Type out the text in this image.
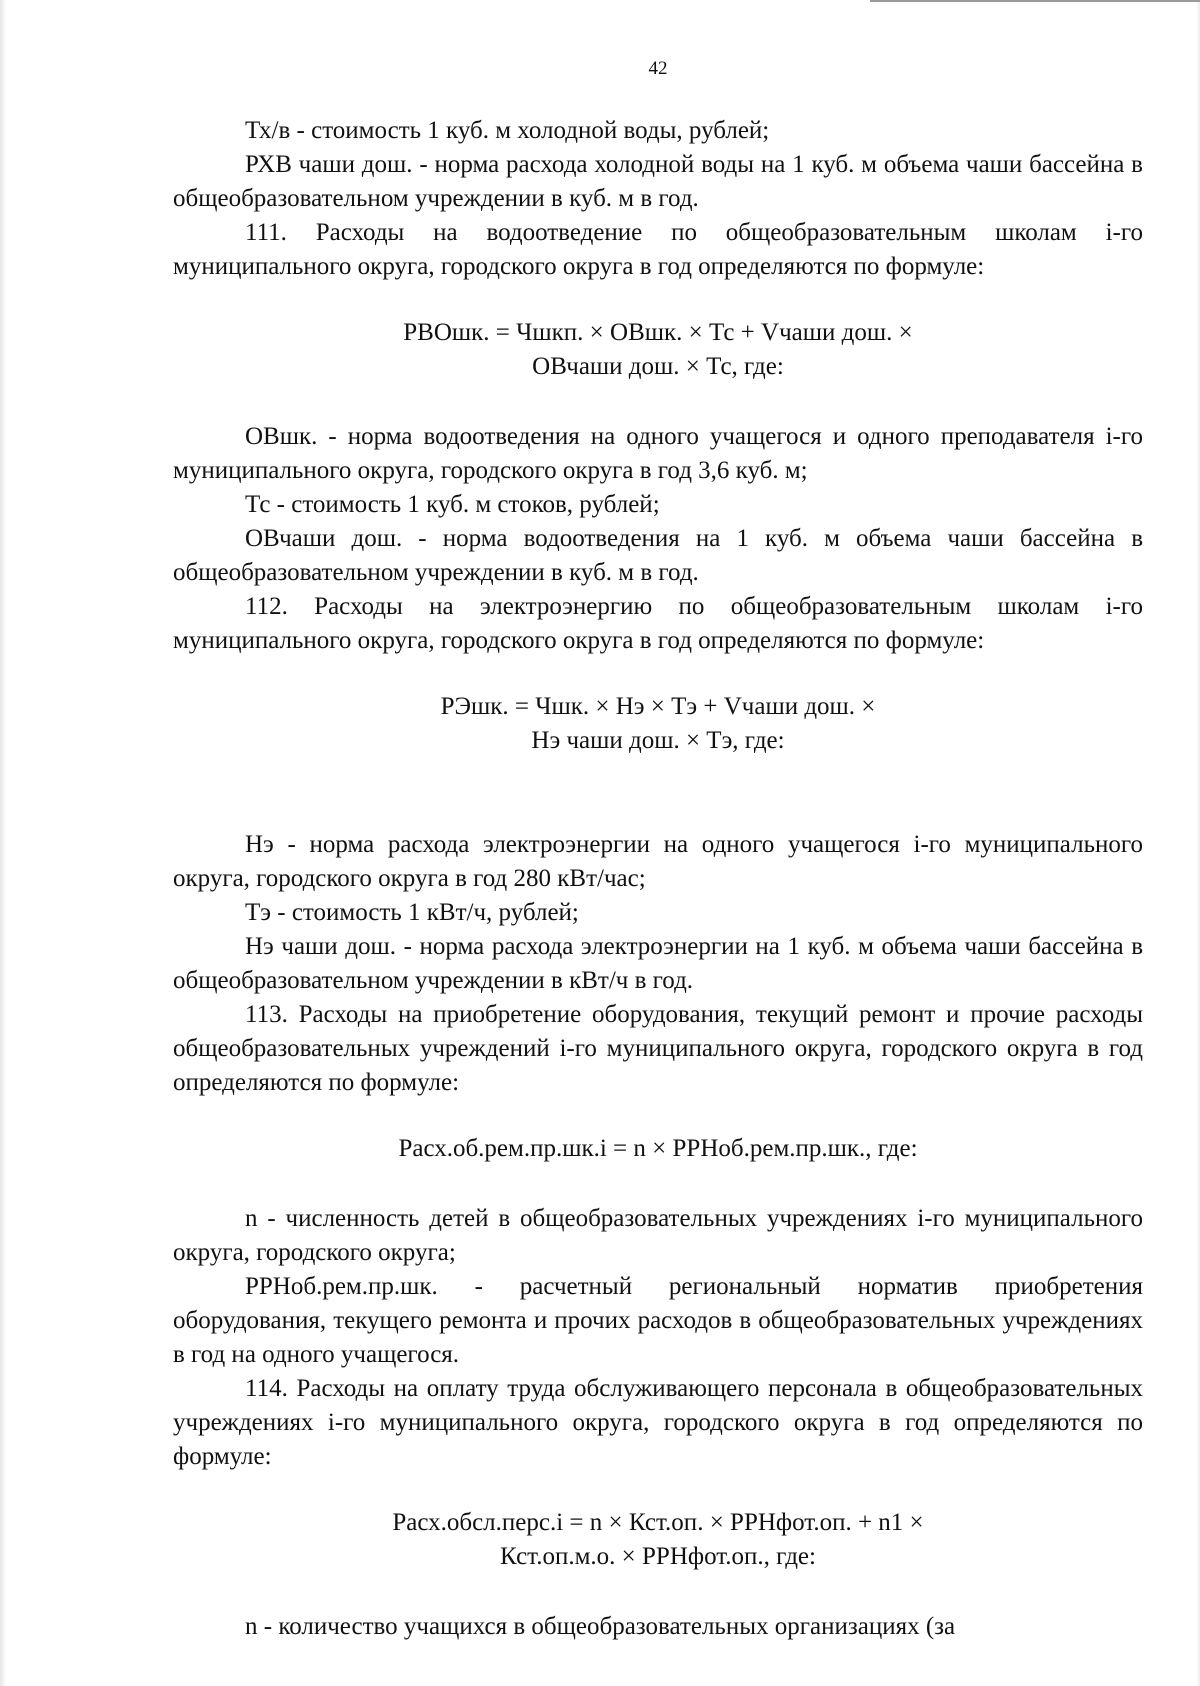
42

Тх/в - стоимость 1 куб. м холодной воды, рублей;

РХВ чаши дош. - норма расхода холодной воды на 1 куб. м объема чаши бассейна в общеобразовательном учреждении в куб. м в год.

111. Расходы на водоотведение по общеобразовательным школам i-го муниципального округа, городского округа в год определяются по формуле:

РВОшк. = Чшкп. × ОВшк. × Тс + Vчаши дош. ×

ОВчаши дош. × Тс, где:

ОВшк. - норма водоотведения на одного учащегося и одного преподавателя i-го муниципального округа, городского округа в год 3,6 куб. м;

Тс - стоимость 1 куб. м стоков, рублей;

ОВчаши дош. - норма водоотведения на 1 куб. м объема чаши бассейна в общеобразовательном учреждении в куб. м в год.

112. Расходы на электроэнергию по общеобразовательным школам i-го муниципального округа, городского округа в год определяются по формуле:

РЭшк. = Чшк. × Нэ × Тэ + Vчаши дош. ×

Нэ чаши дош. × Тэ, где:

Нэ - норма расхода электроэнергии на одного учащегося i-го муниципального округа, городского округа в год 280 кВт/час;

Тэ - стоимость 1 кВт/ч, рублей;

Нэ чаши дош. - норма расхода электроэнергии на 1 куб. м объема чаши бассейна в общеобразовательном учреждении в кВт/ч в год.

113. Расходы на приобретение оборудования, текущий ремонт и прочие расходы общеобразовательных учреждений i-го муниципального округа, городского округа в год определяются по формуле:

Расх.об.рем.пр.шк.i = n × РРНоб.рем.пр.шк., где:

n - численность детей в общеобразовательных учреждениях i-го муниципального округа, городского округа;

РРНоб.рем.пр.шк. - расчетный региональный норматив приобретения оборудования, текущего ремонта и прочих расходов в общеобразовательных учреждениях в год на одного учащегося.

114. Расходы на оплату труда обслуживающего персонала в общеобразовательных учреждениях i-го муниципального округа, городского округа в год определяются по формуле:

Расх.обсл.перс.i = n × Кст.оп. × РРНфот.оп. + n1 ×

Кст.оп.м.о. × РРНфот.оп., где:

n - количество учащихся в общеобразовательных организациях (за
